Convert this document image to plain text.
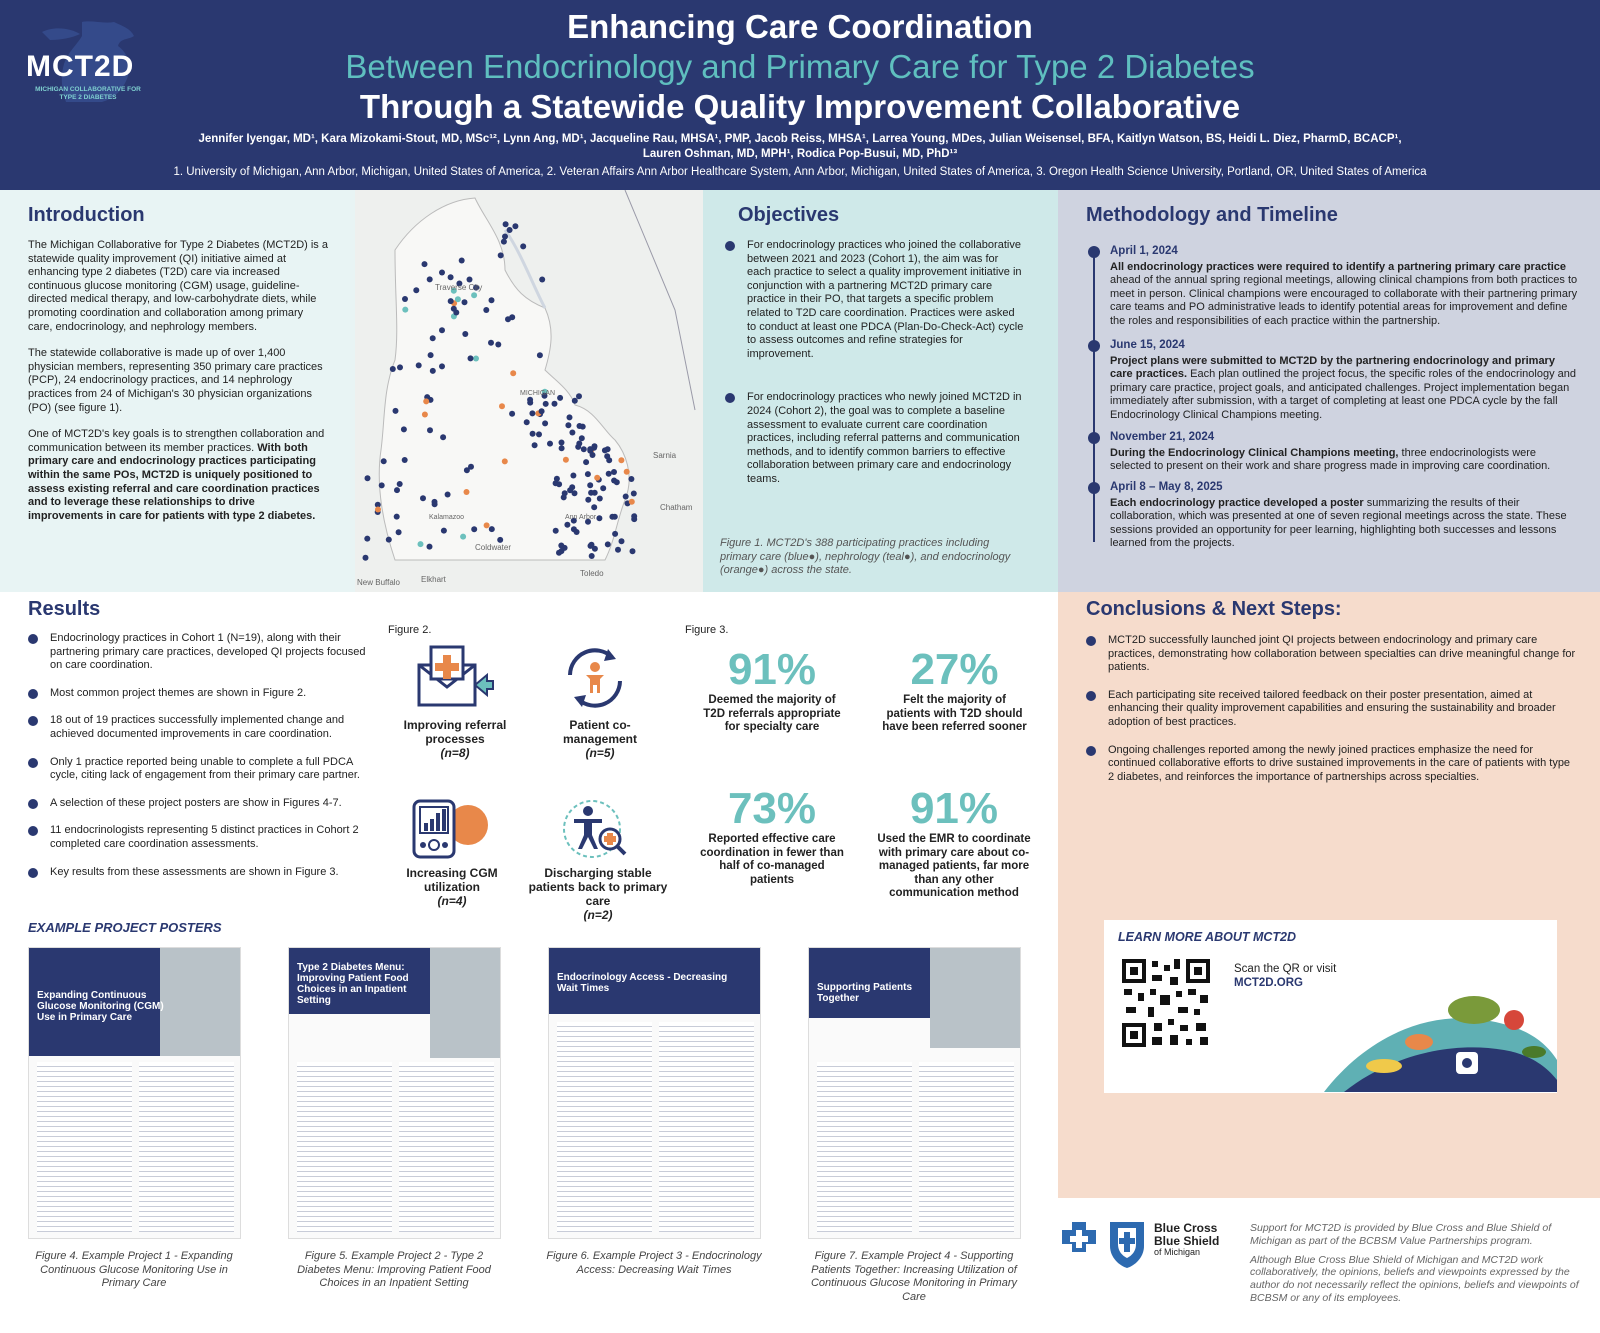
MCT2D
MICHIGAN COLLABORATIVE FOR TYPE 2 DIABETES
Enhancing Care Coordination
Between Endocrinology and Primary Care for Type 2 Diabetes
Through a Statewide Quality Improvement Collaborative
Jennifer Iyengar, MD¹, Kara Mizokami-Stout, MD, MSc¹², Lynn Ang, MD¹, Jacqueline Rau, MHSA¹, PMP, Jacob Reiss, MHSA¹, Larrea Young, MDes, Julian Weisensel, BFA, Kaitlyn Watson, BS, Heidi L. Diez, PharmD, BCACP¹,
Lauren Oshman, MD, MPH¹, Rodica Pop-Busui, MD, PhD¹³
1. University of Michigan, Ann Arbor, Michigan, United States of America, 2. Veteran Affairs Ann Arbor Healthcare System, Ann Arbor, Michigan, United States of America, 3. Oregon Health Science University, Portland, OR, United States of America
Introduction

The Michigan Collaborative for Type 2 Diabetes (MCT2D) is a statewide quality improvement (QI) initiative aimed at enhancing type 2 diabetes (T2D) care via increased continuous glucose monitoring (CGM) usage, guideline-directed medical therapy, and low-carbohydrate diets, while promoting coordination and collaboration among primary care, endocrinology, and nephrology members.

The statewide collaborative is made up of over 1,400 physician members, representing 350 primary care practices (PCP), 24 endocrinology practices, and 14 nephrology practices from 24 of Michigan's 30 physician organizations (PO) (see figure 1).

One of MCT2D's key goals is to strengthen collaboration and communication between its member practices. With both primary care and endocrinology practices participating within the same POs, MCT2D is uniquely positioned to assess existing referral and care coordination practices and to leverage these relationships to drive improvements in care for patients with type 2 diabetes.

Traverse City
MICHIGAN
Sarnia
Chatham
Coldwater
New Buffalo	Elkhart
Toledo
Kalamazoo	Ann Arbor
Objectives
For endocrinology practices who joined the collaborative between 2021 and 2023 (Cohort 1), the aim was for each practice to select a quality improvement initiative in conjunction with a partnering MCT2D primary care practice in their PO, that targets a specific problem related to T2D care coordination. Practices were asked to conduct at least one PDCA (Plan-Do-Check-Act) cycle to assess outcomes and refine strategies for improvement.
For endocrinology practices who newly joined MCT2D in 2024 (Cohort 2), the goal was to complete a baseline assessment to evaluate current care coordination practices, including referral patterns and communication methods, and to identify common barriers to effective collaboration between primary care and endocrinology teams.
Figure 1. MCT2D's 388 participating practices including primary care (blue●), nephrology (teal●), and endocrinology (orange●) across the state.
Methodology and Timeline
April 1, 2024
All endocrinology practices were required to identify a partnering primary care practice ahead of the annual spring regional meetings, allowing clinical champions from both practices to meet in person. Clinical champions were encouraged to collaborate with their partnering primary care teams and PO administrative leads to identify potential areas for improvement and define the roles and responsibilities of each practice within the partnership.
June 15, 2024
Project plans were submitted to MCT2D by the partnering endocrinology and primary care practices. Each plan outlined the project focus, the specific roles of the endocrinology and primary care practice, project goals, and anticipated challenges. Project implementation began immediately after submission, with a target of completing at least one PDCA cycle by the fall Endocrinology Clinical Champions meeting.
November 21, 2024
During the Endocrinology Clinical Champions meeting, three endocrinologists were selected to present on their work and share progress made in improving care coordination.
April 8 – May 8, 2025
Each endocrinology practice developed a poster summarizing the results of their collaboration, which was presented at one of seven regional meetings across the state. These sessions provided an opportunity for peer learning, highlighting both successes and lessons learned from the projects.
Results
Endocrinology practices in Cohort 1 (N=19), along with their partnering primary care practices, developed QI projects focused on care coordination.
Most common project themes are shown in Figure 2.
18 out of 19 practices successfully implemented change and achieved documented improvements in care coordination.
Only 1 practice reported being unable to complete a full PDCA cycle, citing lack of engagement from their primary care partner.
A selection of these project posters are show in Figures 4-7.
11 endocrinologists representing 5 distinct practices in Cohort 2 completed care coordination assessments.
Key results from these assessments are shown in Figure 3.
Figure 2.	Figure 3.
Improving referral processes
(n=8)
Patient co-management
(n=5)
Increasing CGM utilization
(n=4)
Discharging stable patients back to primary care
(n=2)
91%
Deemed the majority of T2D referrals appropriate for specialty care
27%
Felt the majority of patients with T2D should have been referred sooner
73%
Reported effective care coordination in fewer than half of co-managed patients
91%
Used the EMR to coordinate with primary care about co-managed patients, far more than any other communication method
EXAMPLE PROJECT POSTERS
Expanding Continuous Glucose Monitoring (CGM) Use in Primary Care
Type 2 Diabetes Menu: Improving Patient Food Choices in an Inpatient Setting
Endocrinology Access - Decreasing Wait Times	Supporting Patients Together
Figure 4. Example Project 1 - Expanding Continuous Glucose Monitoring Use in Primary Care
Figure 5. Example Project 2 - Type 2 Diabetes Menu: Improving Patient Food Choices in an Inpatient Setting
Figure 6. Example Project 3 - Endocrinology Access: Decreasing Wait Times
Figure 7. Example Project 4 - Supporting Patients Together: Increasing Utilization of Continuous Glucose Monitoring in Primary Care
Conclusions & Next Steps:
MCT2D successfully launched joint QI projects between endocrinology and primary care practices, demonstrating how collaboration between specialties can drive meaningful change for patients.
Each participating site received tailored feedback on their poster presentation, aimed at enhancing their quality improvement capabilities and ensuring the sustainability and broader adoption of best practices.
Ongoing challenges reported among the newly joined practices emphasize the need for continued collaborative efforts to drive sustained improvements in the care of patients with type 2 diabetes, and reinforces the importance of partnerships across specialties.
LEARN MORE ABOUT MCT2D
Scan the QR or visit
MCT2D.ORG
Blue Cross
Blue Shield
of Michigan

Support for MCT2D is provided by Blue Cross and Blue Shield of Michigan as part of the BCBSM Value Partnerships program.

Although Blue Cross Blue Shield of Michigan and MCT2D work collaboratively, the opinions, beliefs and viewpoints expressed by the author do not necessarily reflect the opinions, beliefs and viewpoints of BCBSM or any of its employees.
